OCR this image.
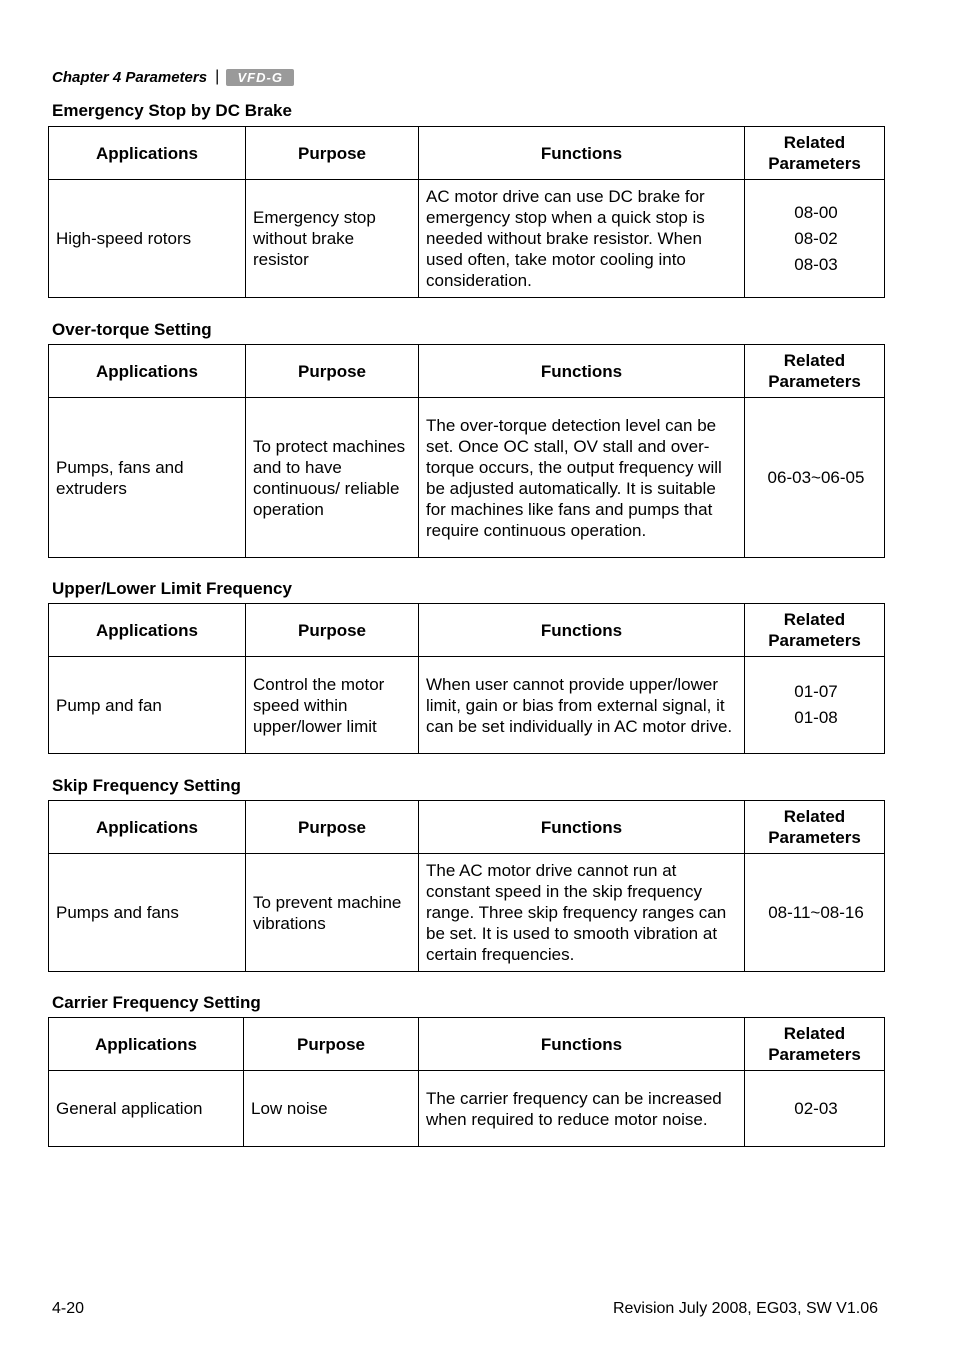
Chapter 4 Parameters |	VFD-G
Emergency Stop by DC Brake
Applications	Purpose	Functions	Related
Parameters
High-speed rotors	Emergency stop without brake resistor	AC motor drive can use DC brake for emergency stop when a quick stop is needed without brake resistor. When used often, take motor cooling into consideration.	08-00
08-02
08-03
Over-torque Setting
Applications	Purpose	Functions	Related
Parameters
Pumps, fans and extruders	To protect machines and to have continuous/ reliable operation	The over-torque detection level can be set. Once OC stall, OV stall and over-torque occurs, the output frequency will be adjusted automatically. It is suitable for machines like fans and pumps that require continuous operation.	06-03~06-05
Upper/Lower Limit Frequency
Applications	Purpose	Functions	Related
Parameters
Pump and fan	Control the motor speed within upper/lower limit	When user cannot provide upper/lower limit, gain or bias from external signal, it can be set individually in AC motor drive.	01-07
01-08
Skip Frequency Setting
Applications	Purpose	Functions	Related
Parameters
Pumps and fans	To prevent machine vibrations	The AC motor drive cannot run at constant speed in the skip frequency range. Three skip frequency ranges can be set. It is used to smooth vibration at certain frequencies.	08-11~08-16
Carrier Frequency Setting
Applications	Purpose	Functions	Related
Parameters
General application	Low noise	The carrier frequency can be increased when required to reduce motor noise.	02-03
4-20	Revision July 2008, EG03, SW V1.06
